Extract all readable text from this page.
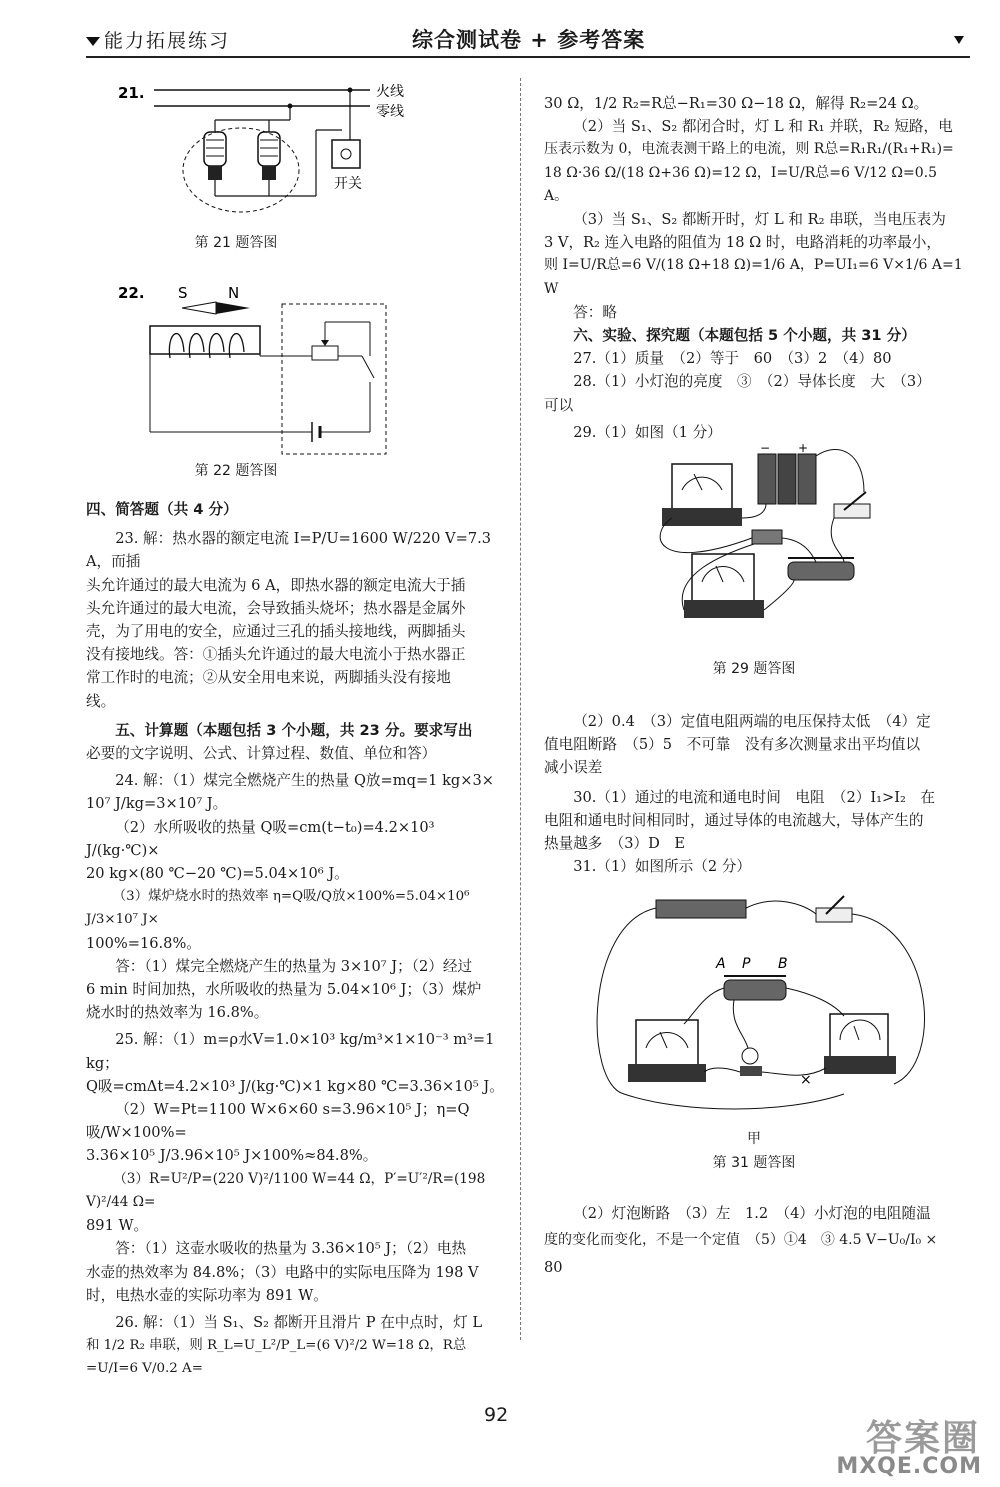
能力拓展练习	综合测试卷 + 参考答案
21.	火线
零线
开关
第 21 题答图
22. S	N
第 22 题答图

四、简答题（共 4 分）

23. 解：热水器的额定电流 I=P/U=1600 W/220 V=7.3 A，而插

头允许通过的最大电流为 6 A，即热水器的额定电流大于插

头允许通过的最大电流，会导致插头烧坏；热水器是金属外

壳，为了用电的安全，应通过三孔的插头接地线，两脚插头

没有接地线。答：①插头允许通过的最大电流小于热水器正

常工作时的电流；②从安全用电来说，两脚插头没有接地

线。

五、计算题（本题包括 3 个小题，共 23 分。要求写出

必要的文字说明、公式、计算过程、数值、单位和答）

24. 解：（1）煤完全燃烧产生的热量 Q放=mq=1 kg×3×

10⁷ J/kg=3×10⁷ J。

（2）水所吸收的热量 Q吸=cm(t−t₀)=4.2×10³ J/(kg·℃)×

20 kg×(80 ℃−20 ℃)=5.04×10⁶ J。

（3）煤炉烧水时的热效率 η=Q吸/Q放×100%=5.04×10⁶ J/3×10⁷ J×

100%=16.8%。

答：（1）煤完全燃烧产生的热量为 3×10⁷ J；（2）经过

6 min 时间加热，水所吸收的热量为 5.04×10⁶ J；（3）煤炉

烧水时的热效率为 16.8%。

25. 解：（1）m=ρ水V=1.0×10³ kg/m³×1×10⁻³ m³=1 kg；

Q吸=cmΔt=4.2×10³ J/(kg·℃)×1 kg×80 ℃=3.36×10⁵ J。

（2）W=Pt=1100 W×6×60 s=3.96×10⁵ J；η=Q吸/W×100%=

3.36×10⁵ J/3.96×10⁵ J×100%≈84.8%。

（3）R=U²/P=(220 V)²/1100 W=44 Ω，P′=U′²/R=(198 V)²/44 Ω=

891 W。

答：（1）这壶水吸收的热量为 3.36×10⁵ J；（2）电热

水壶的热效率为 84.8%；（3）电路中的实际电压降为 198 V

时，电热水壶的实际功率为 891 W。

26. 解：（1）当 S₁、S₂ 都断开且滑片 P 在中点时，灯 L

和 1/2 R₂ 串联，则 R_L=U_L²/P_L=(6 V)²/2 W=18 Ω，R总=U/I=6 V/0.2 A=

30 Ω，1/2 R₂=R总−R₁=30 Ω−18 Ω，解得 R₂=24 Ω。

（2）当 S₁、S₂ 都闭合时，灯 L 和 R₁ 并联，R₂ 短路，电

压表示数为 0，电流表测干路上的电流，则 R总=R₁R₁/(R₁+R₁)=

18 Ω·36 Ω/(18 Ω+36 Ω)=12 Ω，I=U/R总=6 V/12 Ω=0.5 A。

（3）当 S₁、S₂ 都断开时，灯 L 和 R₂ 串联，当电压表为

3 V，R₂ 连入电路的阻值为 18 Ω 时，电路消耗的功率最小，

则 I=U/R总=6 V/(18 Ω+18 Ω)=1/6 A，P=UI₁=6 V×1/6 A=1 W

答：略

六、实验、探究题（本题包括 5 个小题，共 31 分）

27.（1）质量　（2）等于　60　（3）2　（4）80

28.（1）小灯泡的亮度　③　（2）导体长度　大　（3）

可以

29.（1）如图（1 分）

− +
第 29 题答图

（2）0.4　（3）定值电阻两端的电压保持太低　（4）定

值电阻断路　（5）5　不可靠　没有多次测量求出平均值以

减小误差

30.（1）通过的电流和通电时间　电阻　（2）I₁>I₂　在

电阻和通电时间相同时，通过导体的电流越大，导体产生的

热量越多　（3）D　E

31.（1）如图所示（2 分）

A P B
×
甲
第 31 题答图

（2）灯泡断路　（3）左　1.2　（4）小灯泡的电阻随温

度的变化而变化，不是一个定值　（5）①4　③ 4.5 V−U₀/I₀ ×

80

92
答案圈
MXQE.COM
